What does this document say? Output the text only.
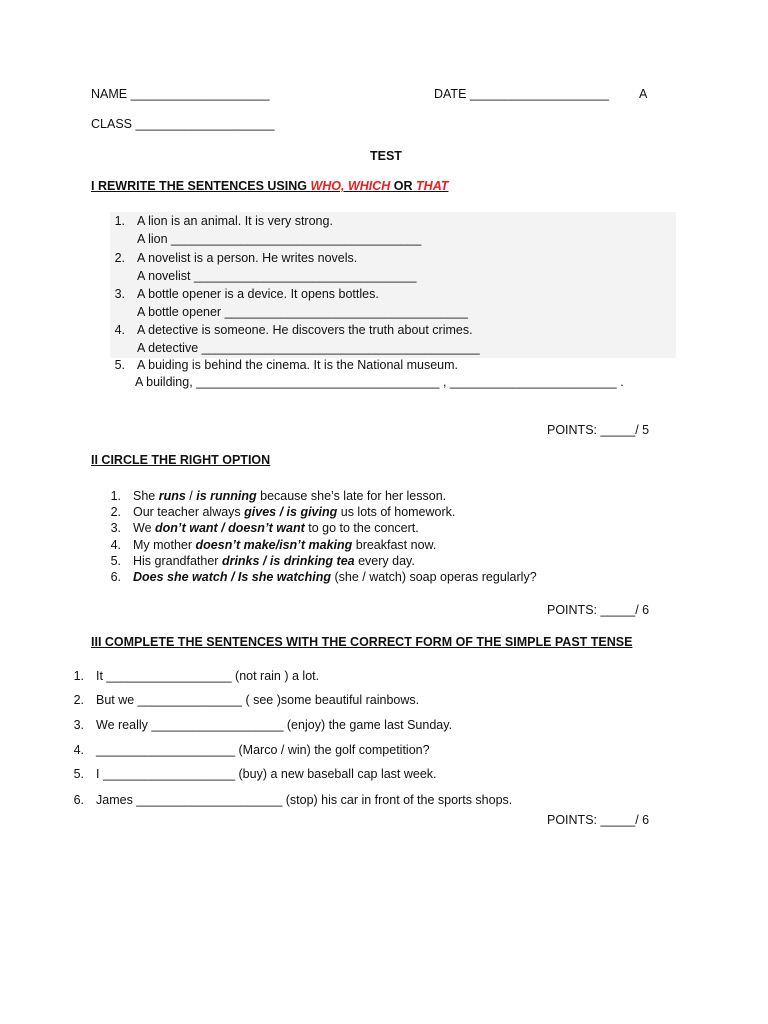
NAME ____________________	DATE ____________________ A
CLASS ____________________
TEST
I REWRITE THE SENTENCES USING WHO, WHICH OR THAT
1. A lion is an animal. It is very strong.
A lion ____________________________________
2. A novelist is a person. He writes novels.
A novelist ________________________________
3. A bottle opener is a device. It opens bottles.
A bottle opener ___________________________________
4. A detective is someone. He discovers the truth about crimes.
A detective ________________________________________
5. A buiding is behind the cinema. It is the National museum.
A building, ___________________________________ , ________________________ .
POINTS: _____/ 5
II CIRCLE THE RIGHT OPTION
1. She runs / is running because she’s late for her lesson.
2. Our teacher always gives / is giving us lots of homework.
3. We don’t want / doesn’t want to go to the concert.
4. My mother doesn’t make/isn’t making breakfast now.
5. His grandfather drinks / is drinking tea every day.
6. Does she watch / Is she watching (she / watch) soap operas regularly?
POINTS: _____/ 6
III COMPLETE THE SENTENCES WITH THE CORRECT FORM OF THE SIMPLE PAST TENSE
1. It __________________ (not rain ) a lot.
2. But we _______________ ( see )some beautiful rainbows.
3. We really ___________________ (enjoy) the game last Sunday.
4. ____________________ (Marco / win) the golf competition?
5. I ___________________ (buy) a new baseball cap last week.
6. James _____________________ (stop) his car in front of the sports shops.
POINTS: _____/ 6
